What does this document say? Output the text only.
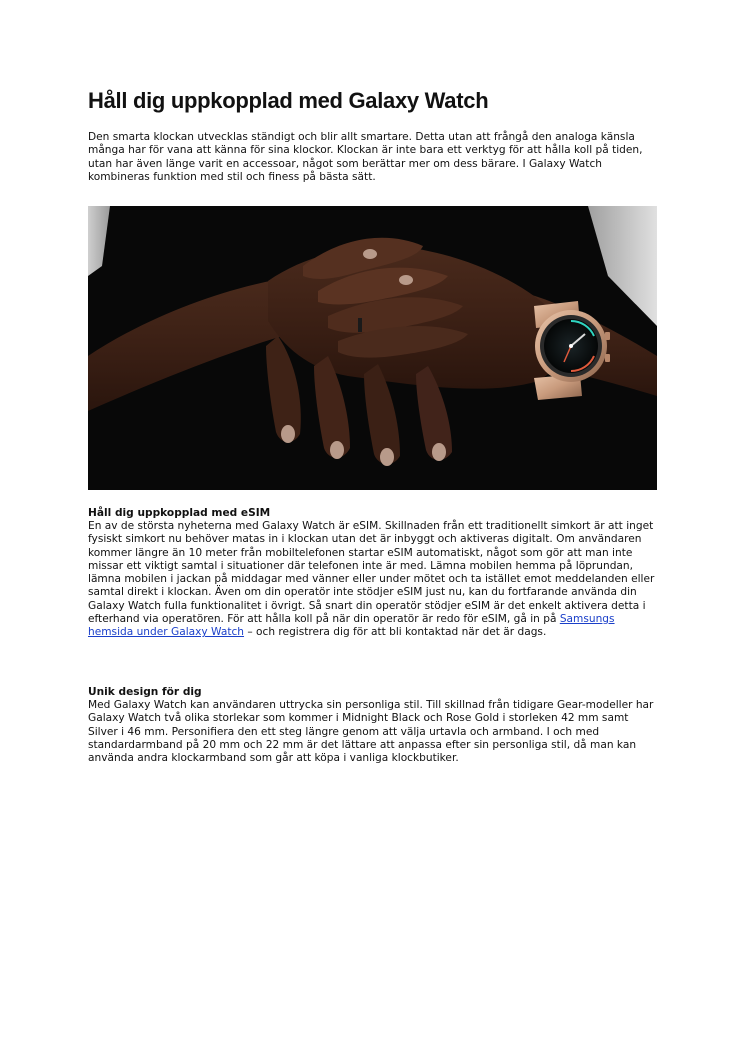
Håll dig uppkopplad med Galaxy Watch

Den smarta klockan utvecklas ständigt och blir allt smartare. Detta utan att frångå den analoga känsla många har för vana att känna för sina klockor. Klockan är inte bara ett verktyg för att hålla koll på tiden, utan har även länge varit en accessoar, något som berättar mer om dess bärare. I Galaxy Watch kombineras funktion med stil och finess på bästa sätt.

Håll dig uppkopplad med eSIM

En av de största nyheterna med Galaxy Watch är eSIM. Skillnaden från ett traditionellt simkort är att inget fysiskt simkort nu behöver matas in i klockan utan det är inbyggt och aktiveras digitalt. Om användaren kommer längre än 10 meter från mobiltelefonen startar eSIM automatiskt, något som gör att man inte missar ett viktigt samtal i situationer där telefonen inte är med. Lämna mobilen hemma på löprundan, lämna mobilen i jackan på middagar med vänner eller under mötet och ta istället emot meddelanden eller samtal direkt i klockan. Även om din operatör inte stödjer eSIM just nu, kan du fortfarande använda din Galaxy Watch fulla funktionalitet i övrigt. Så snart din operatör stödjer eSIM är det enkelt aktivera detta i efterhand via operatören. För att hålla koll på när din operatör är redo för eSIM, gå in på Samsungs hemsida under Galaxy Watch – och registrera dig för att bli kontaktad när det är dags.

Unik design för dig

Med Galaxy Watch kan användaren uttrycka sin personliga stil. Till skillnad från tidigare Gear-modeller har Galaxy Watch två olika storlekar som kommer i Midnight Black och Rose Gold i storleken 42 mm samt Silver i 46 mm. Personifiera den ett steg längre genom att välja urtavla och armband. I och med standardarmband på 20 mm och 22 mm är det lättare att anpassa efter sin personliga stil, då man kan använda andra klockarmband som går att köpa i vanliga klockbutiker.
